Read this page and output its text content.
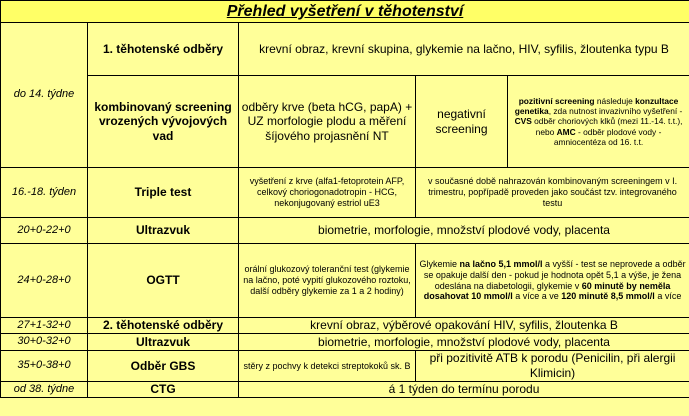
Přehled vyšetření v těhotenství				
do 14. týdne	1. těhotenské odběry	krevní obraz, krevní skupina, glykemie na lačno, HIV, syfilis, žloutenka typu B		
	kombinovaný screening vrozených vývojových vad	odběry krve (beta hCG, papA) + UZ morfologie plodu a měření šíjového projasnění NT	negativní screening	pozitivní screening následuje konzultace genetika, zda nutnost invazivního vyšetření - CVS odběr choriových klků (mezi 11.-14. t.t.), nebo AMC - odběr plodové vody - amniocentéza od 16. t.t.
16.-18. týden	Triple test	vyšetření z krve (alfa1-fetoprotein AFP, celkový choriogonadotropin - HCG, nekonjugovaný estriol uE3	v současné době nahrazován kombinovaným screeningem v I. trimestru, popřípadě proveden jako součást tzv. integrovaného testu	
20+0-22+0	Ultrazvuk	biometrie, morfologie, množství plodové vody, placenta		
24+0-28+0	OGTT	orální glukozový toleranční test (glykemie na lačno, poté vypití glukozového roztoku, další odběry glykemie za 1 a 2 hodiny)	Glykemie na lačno 5,1 mmol/l a vyšší - test se neprovede a odběr se opakuje další den - pokud je hodnota opět 5,1 a výše, je žena odeslána na diabetologii, glykemie v 60 minutě by neměla dosahovat 10 mmol/l a více a ve 120 minutě 8,5 mmol/l a více	
27+1-32+0	2. těhotenské odběry	krevní obraz, výběrové opakování HIV, syfilis, žloutenka B		
30+0-32+0	Ultrazvuk	biometrie, morfologie, množství plodové vody, placenta		
35+0-38+0	Odběr GBS	stěry z pochvy k detekci streptokoků sk. B	při pozitivitě ATB k porodu (Penicilin, při alergii Klimicin)	
od 38. týdne	CTG	á 1 týden do termínu porodu		
